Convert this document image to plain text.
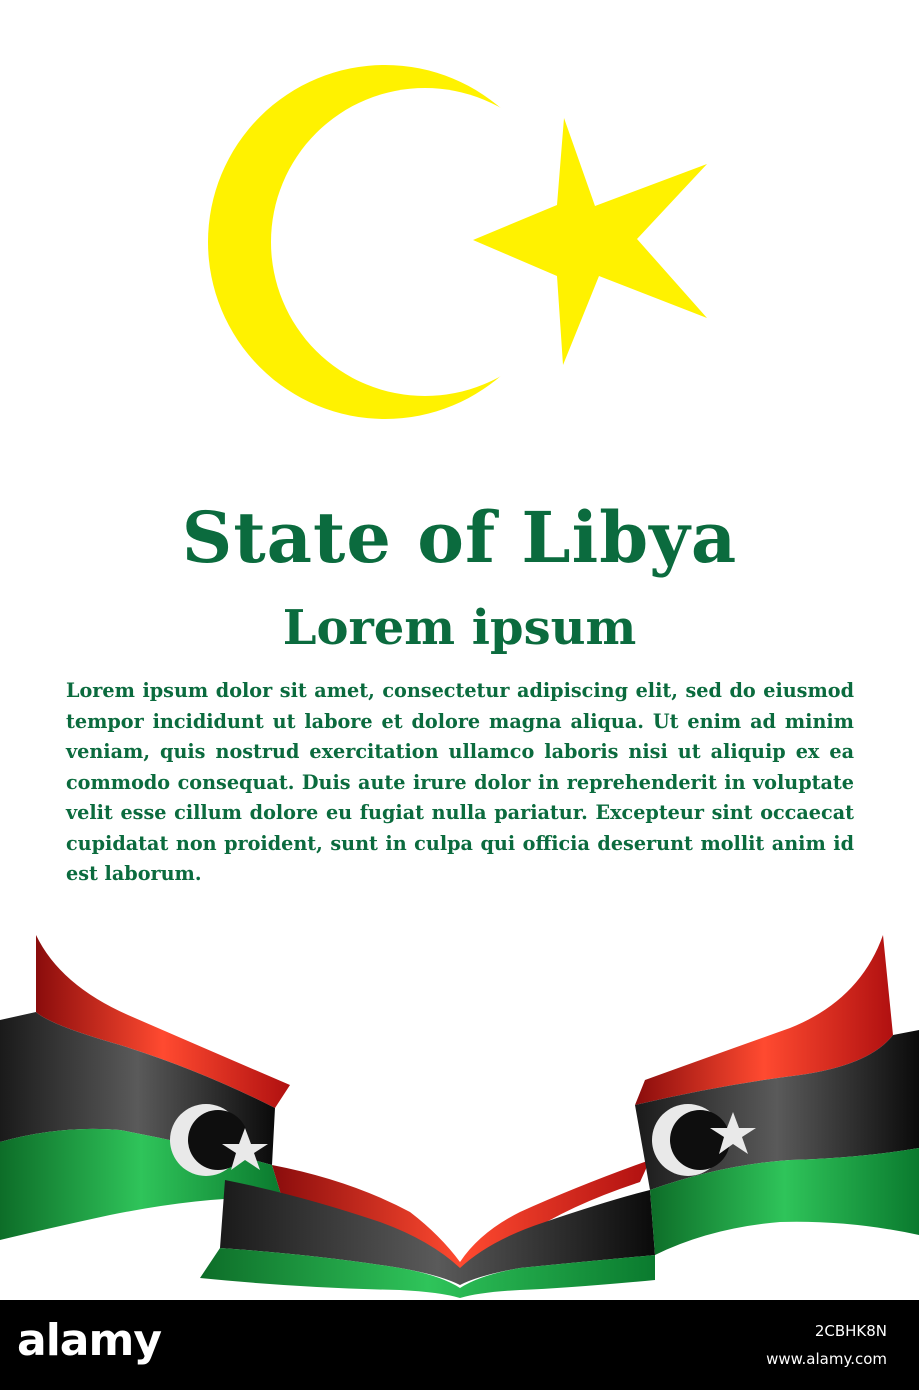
State of Libya
Lorem ipsum

Lorem ipsum dolor sit amet, consectetur adipiscing elit, sed do eiusmod tempor incididunt ut labore et dolore magna aliqua. Ut enim ad minim veniam, quis nostrud exercitation ullamco laboris nisi ut aliquip ex ea commodo consequat. Duis aute irure dolor in reprehenderit in voluptate velit esse cillum dolore eu fugiat nulla pariatur. Excepteur sint occaecat cupidatat non proident, sunt in culpa qui officia deserunt mollit anim id est laborum.

alamy	2CBHK8N
www.alamy.com
